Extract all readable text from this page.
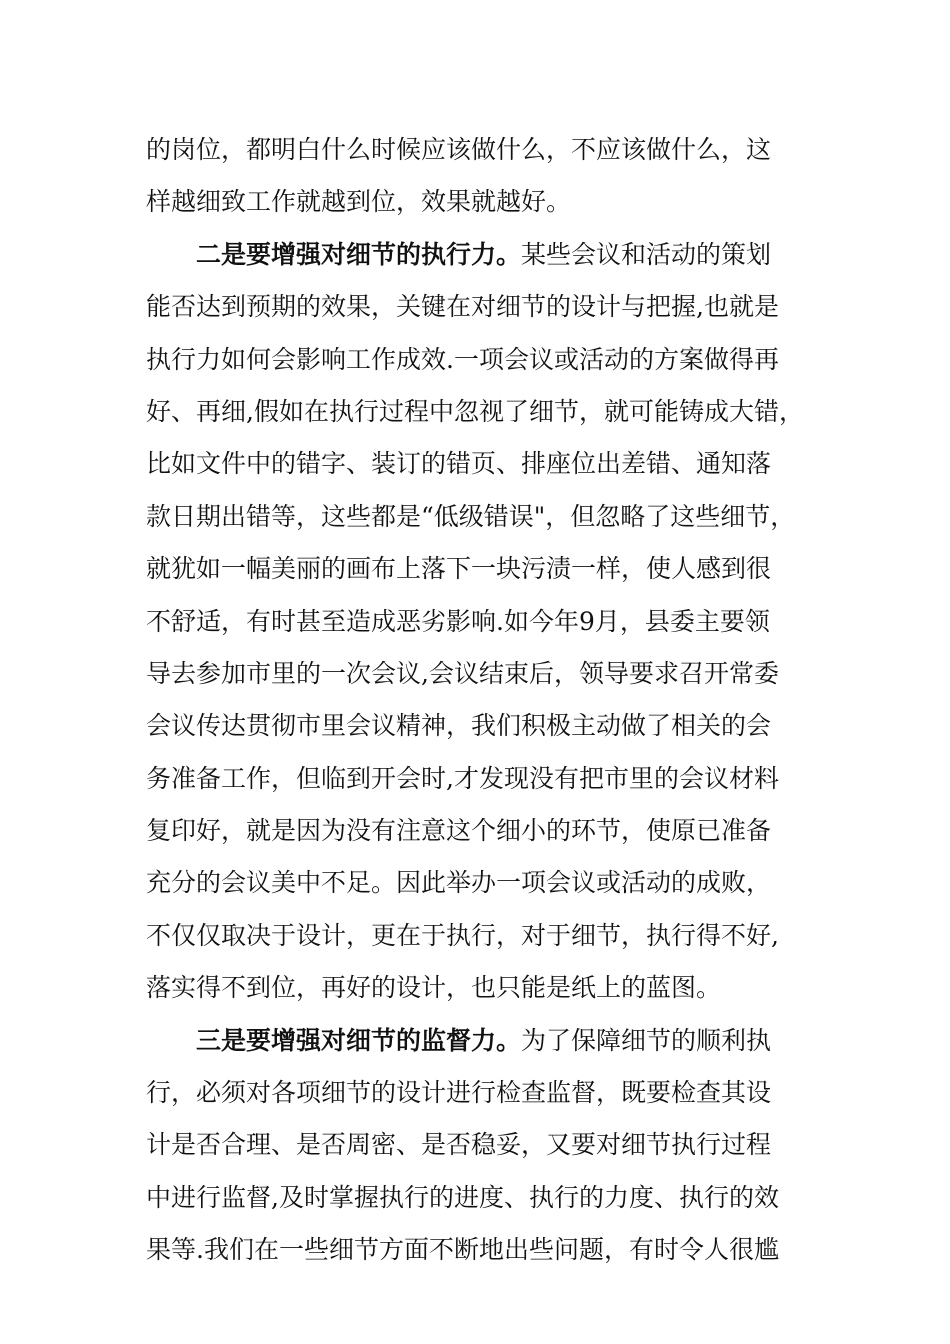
的岗位，都明白什么时候应该做什么，不应该做什么，这
样越细致工作就越到位，效果就越好。
二是要增强对细节的执行力。某些会议和活动的策划
能否达到预期的效果，关键在对细节的设计与把握,也就是
执行力如何会影响工作成效.一项会议或活动的方案做得再
好、再细,假如在执行过程中忽视了细节，就可能铸成大错，
比如文件中的错字、装订的错页、排座位出差错、通知落
款日期出错等，这些都是“低级错误"，但忽略了这些细节，
就犹如一幅美丽的画布上落下一块污渍一样，使人感到很
不舒适，有时甚至造成恶劣影响.如今年9月，县委主要领
导去参加市里的一次会议,会议结束后，领导要求召开常委
会议传达贯彻市里会议精神，我们积极主动做了相关的会
务准备工作，但临到开会时,才发现没有把市里的会议材料
复印好，就是因为没有注意这个细小的环节，使原已准备
充分的会议美中不足。因此举办一项会议或活动的成败，
不仅仅取决于设计，更在于执行，对于细节，执行得不好,
落实得不到位，再好的设计，也只能是纸上的蓝图。
三是要增强对细节的监督力。为了保障细节的顺利执
行，必须对各项细节的设计进行检查监督，既要检查其设
计是否合理、是否周密、是否稳妥，又要对细节执行过程
中进行监督,及时掌握执行的进度、执行的力度、执行的效
果等.我们在一些细节方面不断地出些问题，有时令人很尴
